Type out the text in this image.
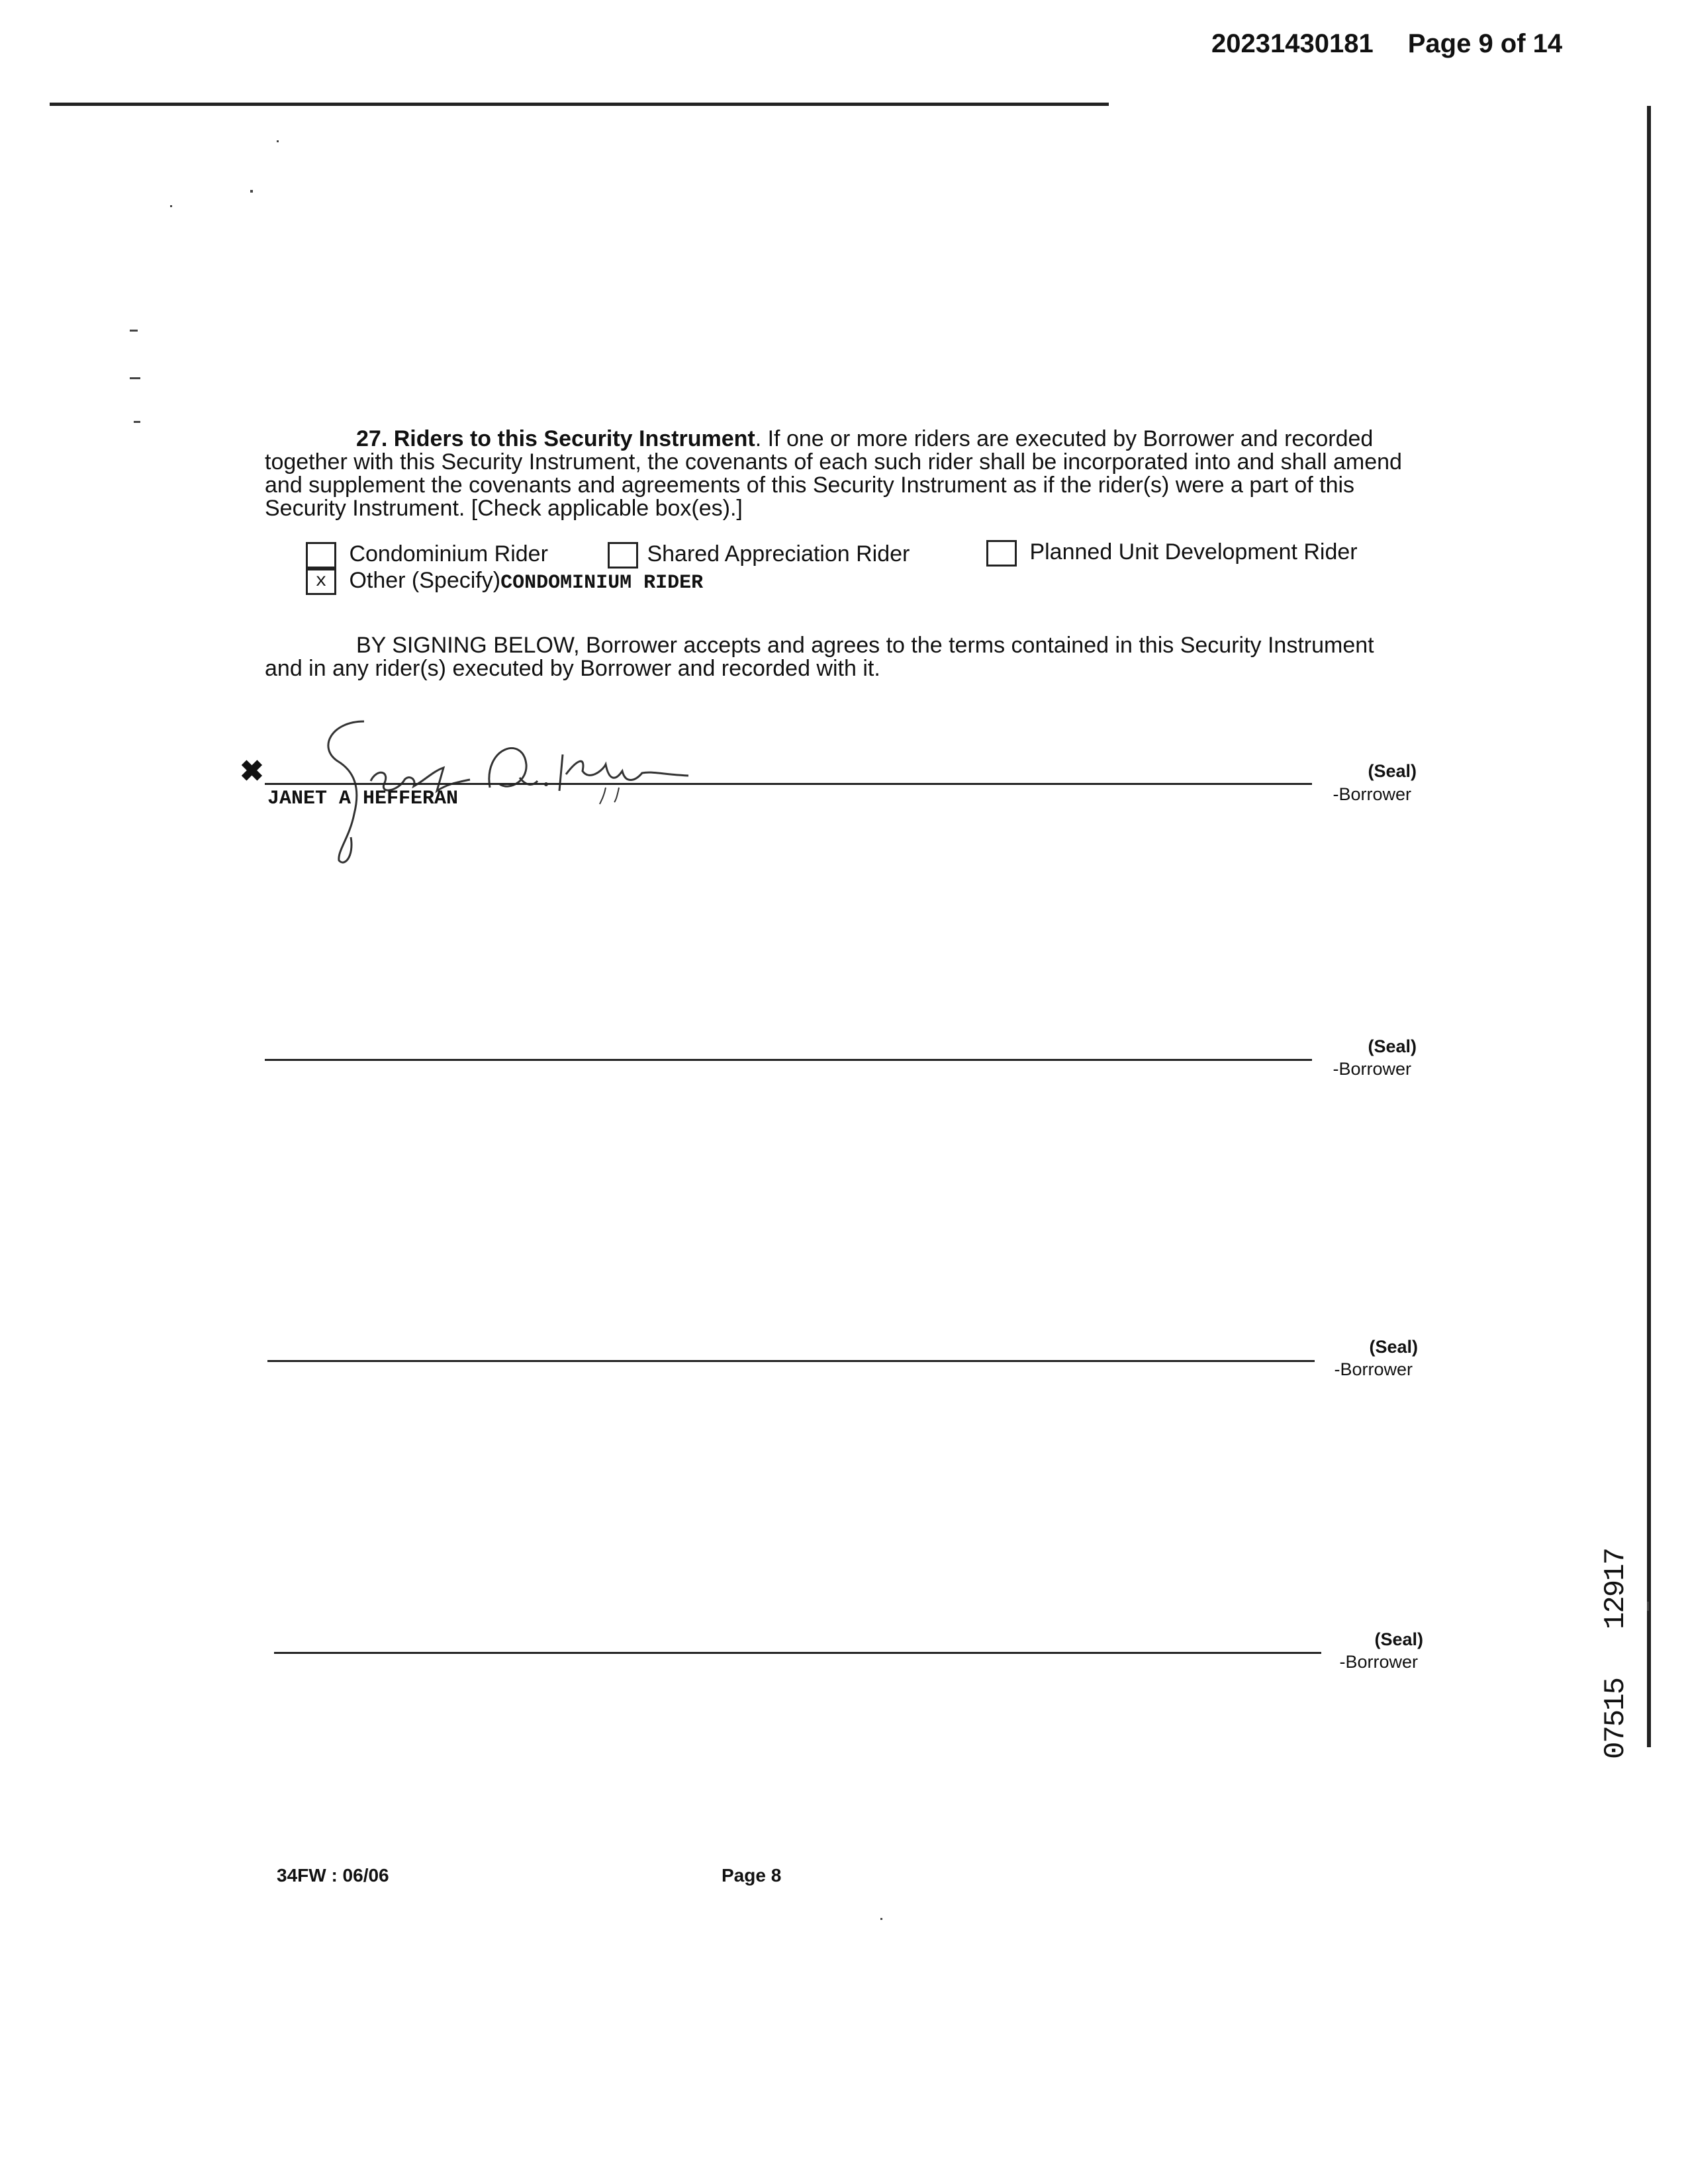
20231430181 Page 9 of 14
27. Riders to this Security Instrument. If one or more riders are executed by Borrower and recorded together with this Security Instrument, the covenants of each such rider shall be incorporated into and shall amend and supplement the covenants and agreements of this Security Instrument as if the rider(s) were a part of this Security Instrument. [Check applicable box(es).]
Condominium Rider	Shared Appreciation Rider	Planned Unit Development Rider
x Other (Specify)CONDOMINIUM RIDER
BY SIGNING BELOW, Borrower accepts and agrees to the terms contained in this Security Instrument and in any rider(s) executed by Borrower and recorded with it.
✖
JANET A HEFFERAN
(Seal)
-Borrower
(Seal)
-Borrower
(Seal)
-Borrower
(Seal)
-Borrower
12917
07515
34FW : 06/06	Page 8
